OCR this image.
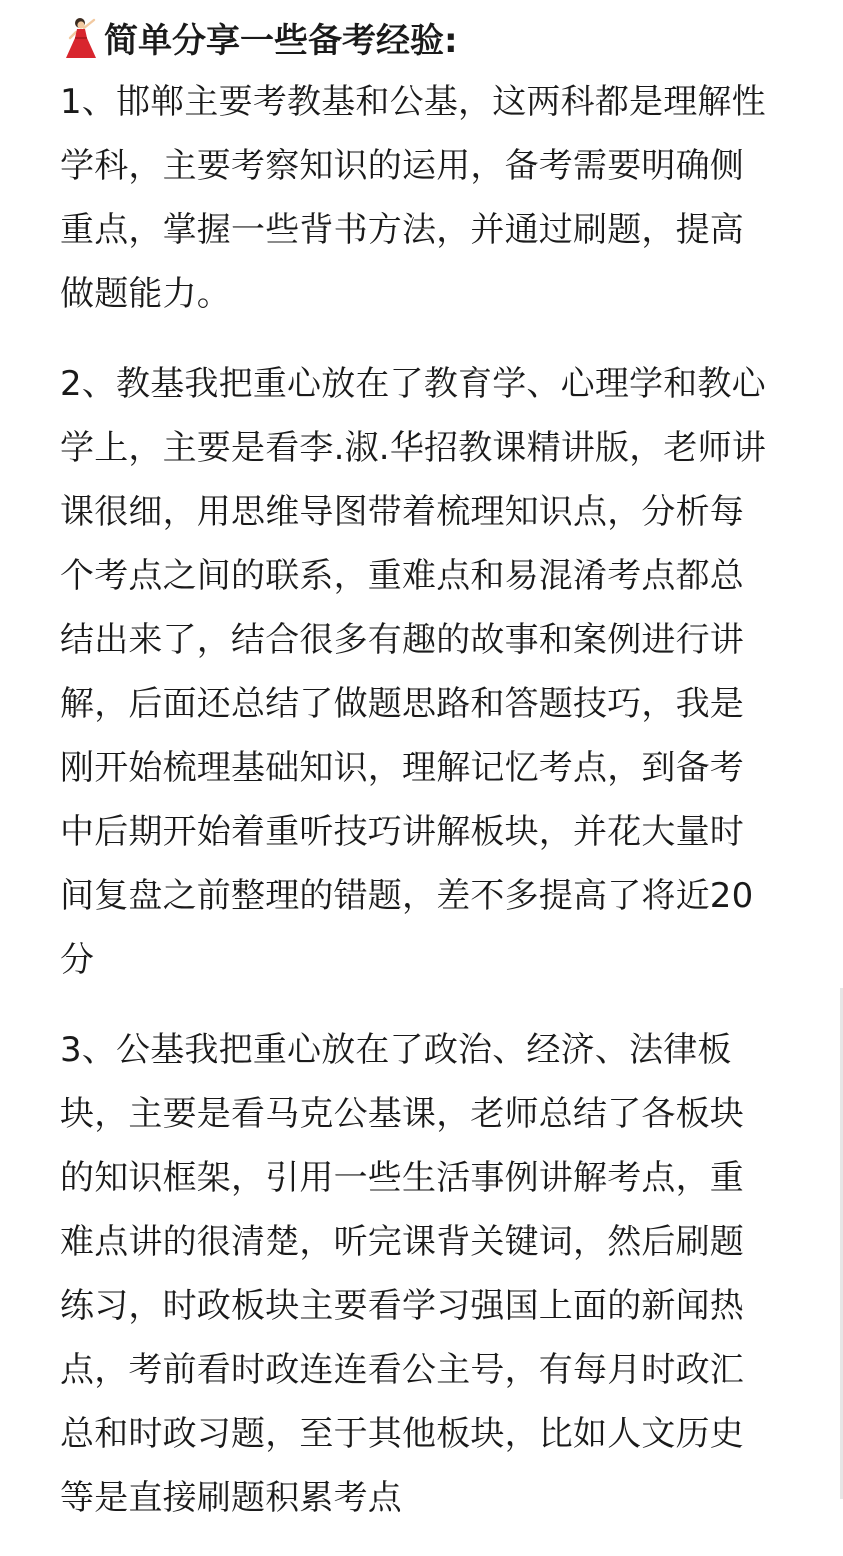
简单分享一些备考经验:

1、邯郸主要考教基和公基，这两科都是理解性学科，主要考察知识的运用，备考需要明确侧重点，掌握一些背书方法，并通过刷题，提高做题能力。

2、教基我把重心放在了教育学、心理学和教心学上，主要是看李.淑.华招教课精讲版，老师讲课很细，用思维导图带着梳理知识点，分析每个考点之间的联系，重难点和易混淆考点都总结出来了，结合很多有趣的故事和案例进行讲解，后面还总结了做题思路和答题技巧，我是刚开始梳理基础知识，理解记忆考点，到备考中后期开始着重听技巧讲解板块，并花大量时间复盘之前整理的错题，差不多提高了将近20分

3、公基我把重心放在了政治、经济、法律板块，主要是看马克公基课，老师总结了各板块的知识框架，引用一些生活事例讲解考点，重难点讲的很清楚，听完课背关键词，然后刷题练习，时政板块主要看学习强国上面的新闻热点，考前看时政连连看公主号，有每月时政汇总和时政习题，至于其他板块，比如人文历史等是直接刷题积累考点
